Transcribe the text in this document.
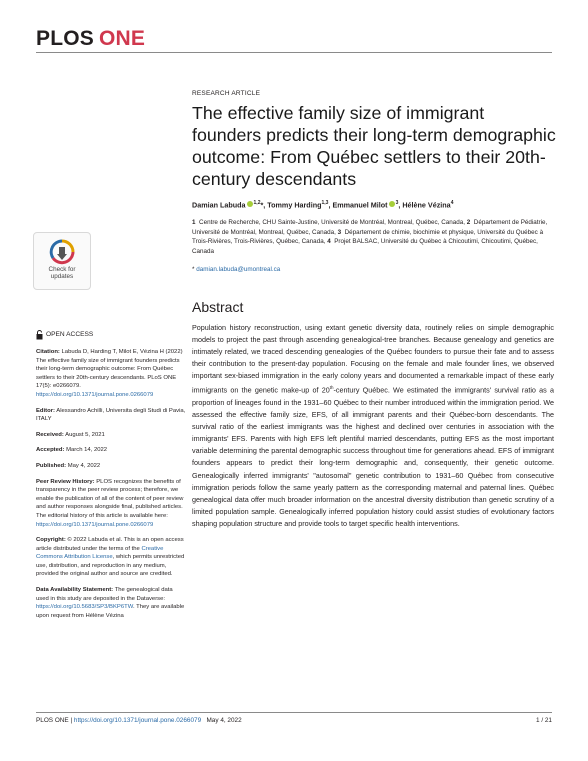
PLOS ONE
Check for
updates
RESEARCH ARTICLE
The effective family size of immigrant founders predicts their long-term demographic outcome: From Québec settlers to their 20th-century descendants
Damian Labuda $^{1,2}$*, Tommy Harding$^{1,3}$, Emmanuel Milot $^3$, Hélène Vézina$^4$
1 Centre de Recherche, CHU Sainte-Justine, Université de Montréal, Montreal, Québec, Canada, 2 Département de Pédiatrie, Université de Montréal, Montreal, Québec, Canada, 3 Département de chimie, biochimie et physique, Université du Québec à Trois-Rivières, Trois-Rivières, Québec, Canada, 4 Projet BALSAC, Université du Québec à Chicoutimi, Chicoutimi, Québec, Canada
* damian.labuda@umontreal.ca
Abstract
Population history reconstruction, using extant genetic diversity data, routinely relies on simple demographic models to project the past through ascending genealogical-tree branches. Because genealogy and genetics are intimately related, we traced descending genealogies of the Québec founders to pursue their fate and to assess their contribution to the present-day population. Focusing on the female and male founder lines, we observed important sex-biased immigration in the early colony years and documented a remarkable impact of these early immigrants on the genetic make-up of 20th-century Québec. We estimated the immigrants' survival ratio as a proportion of lineages found in the 1931–60 Québec to their number introduced within the immigration period. We assessed the effective family size, EFS, of all immigrant parents and their Québec-born descendants. The survival ratio of the earliest immigrants was the highest and declined over centuries in association with the immigrants' EFS. Parents with high EFS left plentiful married descendants, putting EFS as the most important variable determining the parental demographic success throughout time for generations ahead. EFS of immigrant founders appears to predict their long-term demographic and, consequently, their genetic outcome. Genealogically inferred immigrants' "autosomal" genetic contribution to 1931–60 Québec from consecutive immigration periods follow the same yearly pattern as the corresponding maternal and paternal lines. Québec genealogical data offer much broader information on the ancestral diversity distribution than genetic scrutiny of a limited population sample. Genealogically inferred population history could assist studies of evolutionary factors shaping population structure and provide tools to target specific health interventions.
OPEN ACCESS
Citation: Labuda D, Harding T, Milot E, Vézina H (2022) The effective family size of immigrant founders predicts their long-term demographic outcome: From Québec settlers to their 20th-century descendants. PLoS ONE 17(5): e0266079. https://doi.org/10.1371/journal.pone.0266079
Editor: Alessandro Achilli, Universita degli Studi di Pavia, ITALY
Received: August 5, 2021
Accepted: March 14, 2022
Published: May 4, 2022
Peer Review History: PLOS recognizes the benefits of transparency in the peer review process; therefore, we enable the publication of all of the content of peer review and author responses alongside final, published articles. The editorial history of this article is available here: https://doi.org/10.1371/journal.pone.0266079
Copyright: © 2022 Labuda et al. This is an open access article distributed under the terms of the Creative Commons Attribution License, which permits unrestricted use, distribution, and reproduction in any medium, provided the original author and source are credited.
Data Availability Statement: The genealogical data used in this study are deposited in the Dataverse: https://doi.org/10.5683/SP3/BKP6TW. They are available upon request from Hélène Vézina
PLOS ONE | https://doi.org/10.1371/journal.pone.0266079 May 4, 2022	1 / 21
